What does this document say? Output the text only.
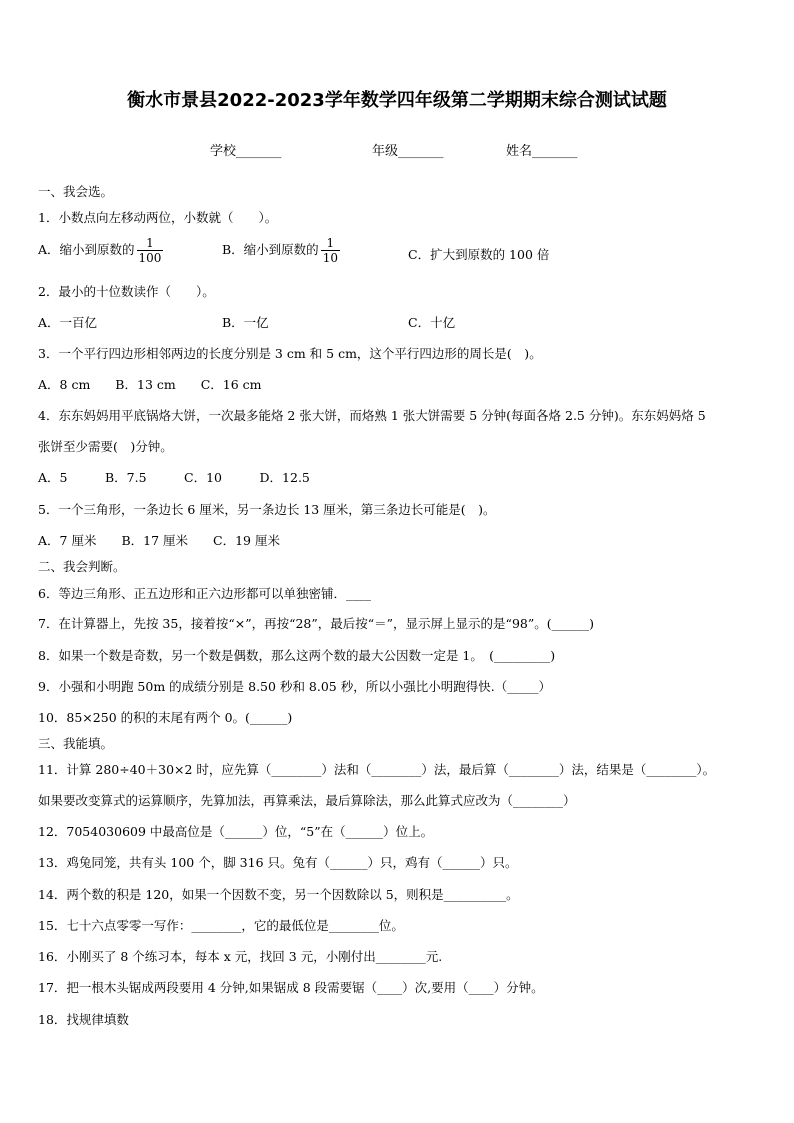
衡水市景县2022-2023学年数学四年级第二学期期末综合测试试题
学校_______	年级_______	姓名_______
一、我会选。
1．小数点向左移动两位，小数就（　　）。
A．缩小到原数的 $\frac{1}{100}$	B．缩小到原数的 $\frac{1}{10}$	C．扩大到原数的 100 倍
2．最小的十位数读作（　　）。
A．一百亿	B．一亿	C．十亿
3．一个平行四边形相邻两边的长度分别是 3 cm 和 5 cm，这个平行四边形的周长是(　)。
A．8 cm　　B．13 cm　　C．16 cm
4．东东妈妈用平底锅烙大饼，一次最多能烙 2 张大饼，而烙熟 1 张大饼需要 5 分钟(每面各烙 2.5 分钟)。东东妈妈烙 5
张饼至少需要(　)分钟。
A．5　　　B．7.5　　　C．10　　　D．12.5
5．一个三角形，一条边长 6 厘米，另一条边长 13 厘米，第三条边长可能是(　)。
A．7 厘米　　B．17 厘米　　C．19 厘米
二、我会判断。
6．等边三角形、正五边形和正六边形都可以单独密铺．____
7．在计算器上，先按 35，接着按“×”，再按“28”，最后按“＝”，显示屏上显示的是“98”。(______)
8．如果一个数是奇数，另一个数是偶数，那么这两个数的最大公因数一定是 1。　(_________)
9．小强和小明跑 50m 的成绩分别是 8.50 秒和 8.05 秒，所以小强比小明跑得快.（_____）
10．85×250 的积的末尾有两个 0。(______)
三、我能填。
11．计算 280÷40＋30×2 时，应先算（________）法和（________）法，最后算（________）法，结果是（________）。
如果要改变算式的运算顺序，先算加法，再算乘法，最后算除法，那么此算式应改为（________）
12．7054030609 中最高位是（______）位，“5”在（______）位上。
13．鸡兔同笼，共有头 100 个，脚 316 只。兔有（______）只，鸡有（______）只。
14．两个数的积是 120，如果一个因数不变，另一个因数除以 5，则积是__________。
15．七十六点零零一写作：________，它的最低位是________位。
16．小刚买了 8 个练习本，每本 x 元，找回 3 元，小刚付出________元.
17．把一根木头锯成两段要用 4 分钟,如果锯成 8 段需要锯（____）次,要用（____）分钟。
18．找规律填数
